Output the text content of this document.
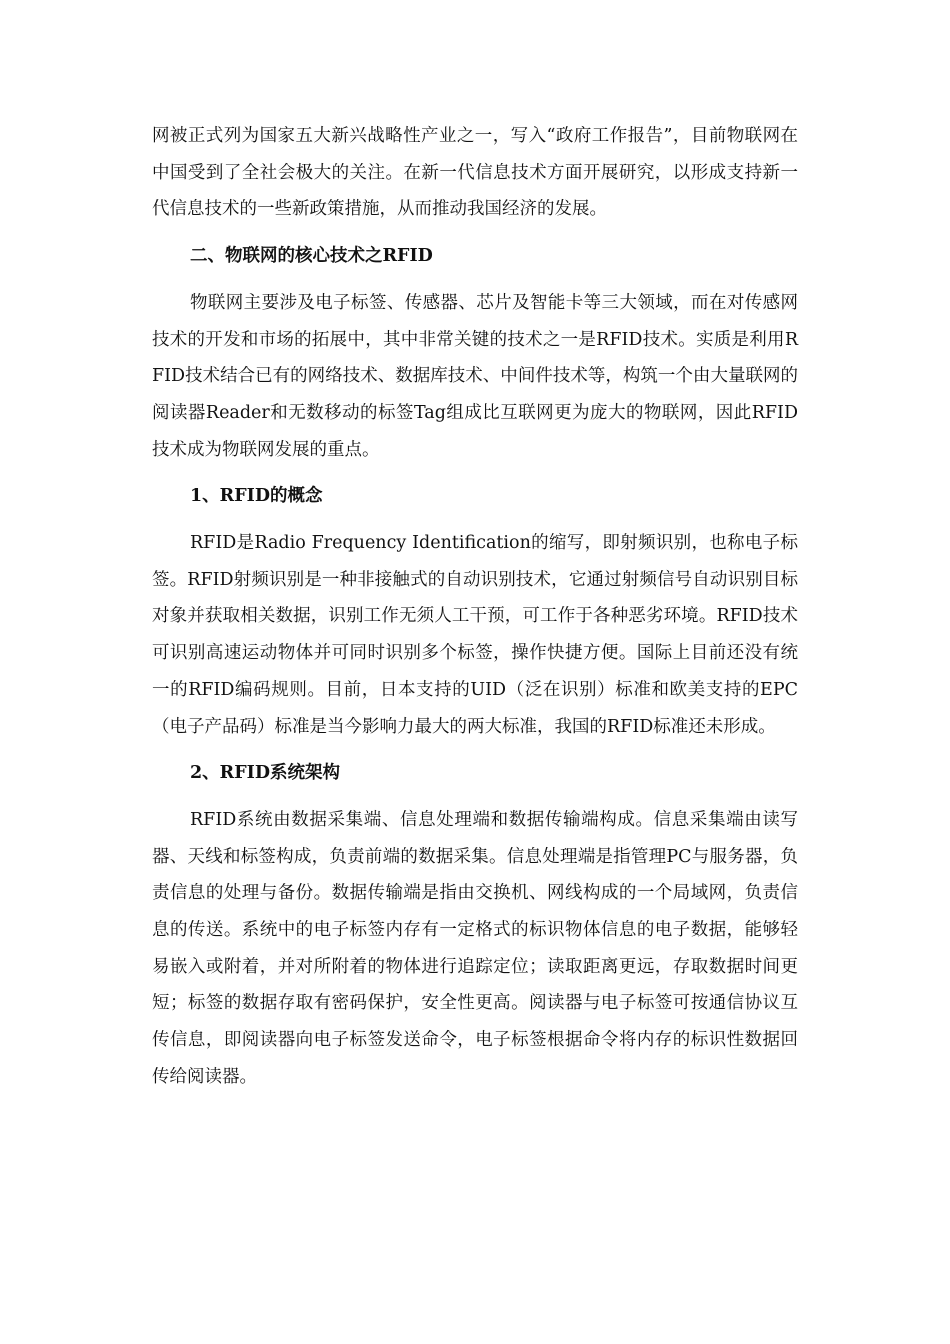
网被正式列为国家五大新兴战略性产业之一，写入“政府工作报告”，目前物联网在中国受到了全社会极大的关注。在新一代信息技术方面开展研究，以形成支持新一代信息技术的一些新政策措施，从而推动我国经济的发展。

二、物联网的核心技术之RFID

物联网主要涉及电子标签、传感器、芯片及智能卡等三大领域，而在对传感网技术的开发和市场的拓展中，其中非常关键的技术之一是RFID技术。实质是利用RFID技术结合已有的网络技术、数据库技术、中间件技术等，构筑一个由大量联网的阅读器Reader和无数移动的标签Tag组成比互联网更为庞大的物联网，因此RFID技术成为物联网发展的重点。

1、RFID的概念

RFID是Radio Frequency Identification的缩写，即射频识别，也称电子标签。RFID射频识别是一种非接触式的自动识别技术，它通过射频信号自动识别目标对象并获取相关数据，识别工作无须人工干预，可工作于各种恶劣环境。RFID技术可识别高速运动物体并可同时识别多个标签，操作快捷方便。国际上目前还没有统一的RFID编码规则。目前，日本支持的UID（泛在识别）标准和欧美支持的EPC（电子产品码）标准是当今影响力最大的两大标准，我国的RFID标准还未形成。

2、RFID系统架构

RFID系统由数据采集端、信息处理端和数据传输端构成。信息采集端由读写器、天线和标签构成，负责前端的数据采集。信息处理端是指管理PC与服务器，负责信息的处理与备份。数据传输端是指由交换机、网线构成的一个局域网，负责信息的传送。系统中的电子标签内存有一定格式的标识物体信息的电子数据，能够轻易嵌入或附着，并对所附着的物体进行追踪定位；读取距离更远，存取数据时间更短；标签的数据存取有密码保护，安全性更高。阅读器与电子标签可按通信协议互传信息，即阅读器向电子标签发送命令，电子标签根据命令将内存的标识性数据回传给阅读器。
